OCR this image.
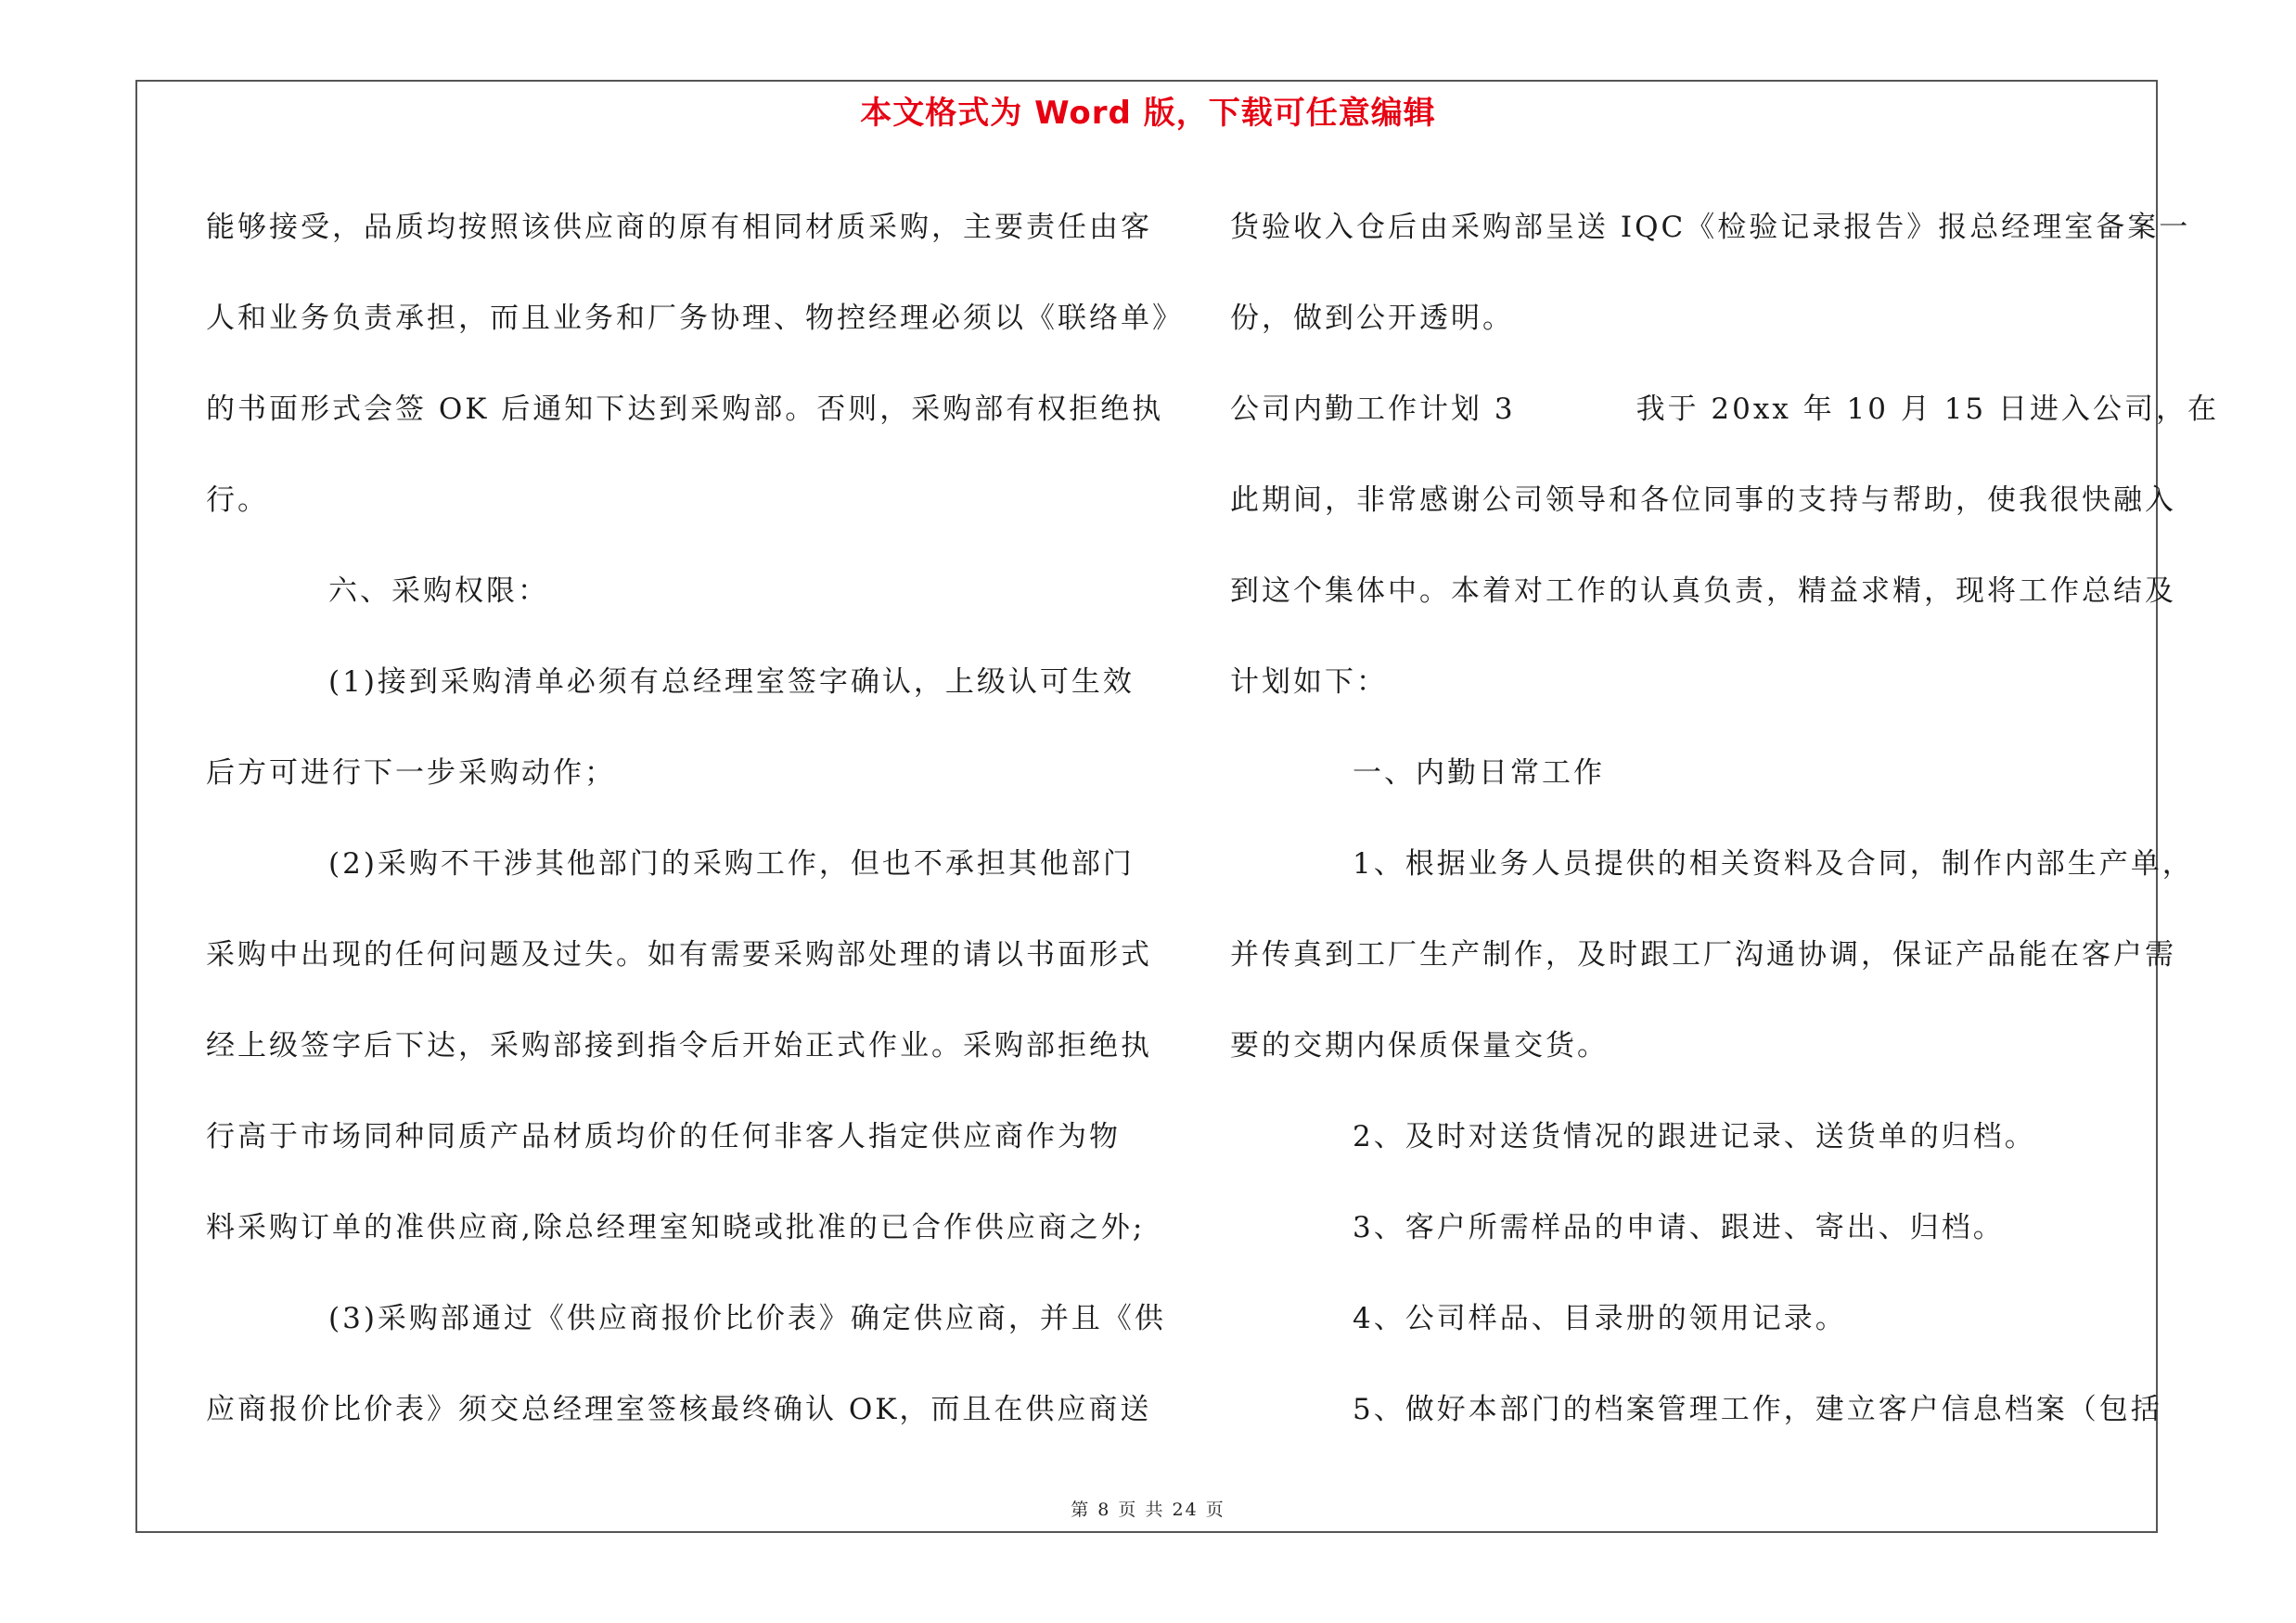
本文格式为 Word 版，下载可任意编辑
能够接受，品质均按照该供应商的原有相同材质采购，主要责任由客
人和业务负责承担，而且业务和厂务协理、物控经理必须以《联络单》
的书面形式会签 OK 后通知下达到采购部。否则，采购部有权拒绝执
行。
六、采购权限：
(1)接到采购清单必须有总经理室签字确认，上级认可生效
后方可进行下一步采购动作；
(2)采购不干涉其他部门的采购工作，但也不承担其他部门
采购中出现的任何问题及过失。如有需要采购部处理的请以书面形式
经上级签字后下达，采购部接到指令后开始正式作业。采购部拒绝执
行高于市场同种同质产品材质均价的任何非客人指定供应商作为物
料采购订单的准供应商,除总经理室知晓或批准的已合作供应商之外;
(3)采购部通过《供应商报价比价表》确定供应商，并且《供
应商报价比价表》须交总经理室签核最终确认 OK，而且在供应商送
货验收入仓后由采购部呈送 IQC《检验记录报告》报总经理室备案一
份，做到公开透明。
公司内勤工作计划 3	我于 20xx 年 10 月 15 日进入公司，在
此期间，非常感谢公司领导和各位同事的支持与帮助，使我很快融入
到这个集体中。本着对工作的认真负责，精益求精，现将工作总结及
计划如下：
一、内勤日常工作
1、根据业务人员提供的相关资料及合同，制作内部生产单，
并传真到工厂生产制作，及时跟工厂沟通协调，保证产品能在客户需
要的交期内保质保量交货。
2、及时对送货情况的跟进记录、送货单的归档。
3、客户所需样品的申请、跟进、寄出、归档。
4、公司样品、目录册的领用记录。
5、做好本部门的档案管理工作，建立客户信息档案（包括
第 8 页 共 24 页
